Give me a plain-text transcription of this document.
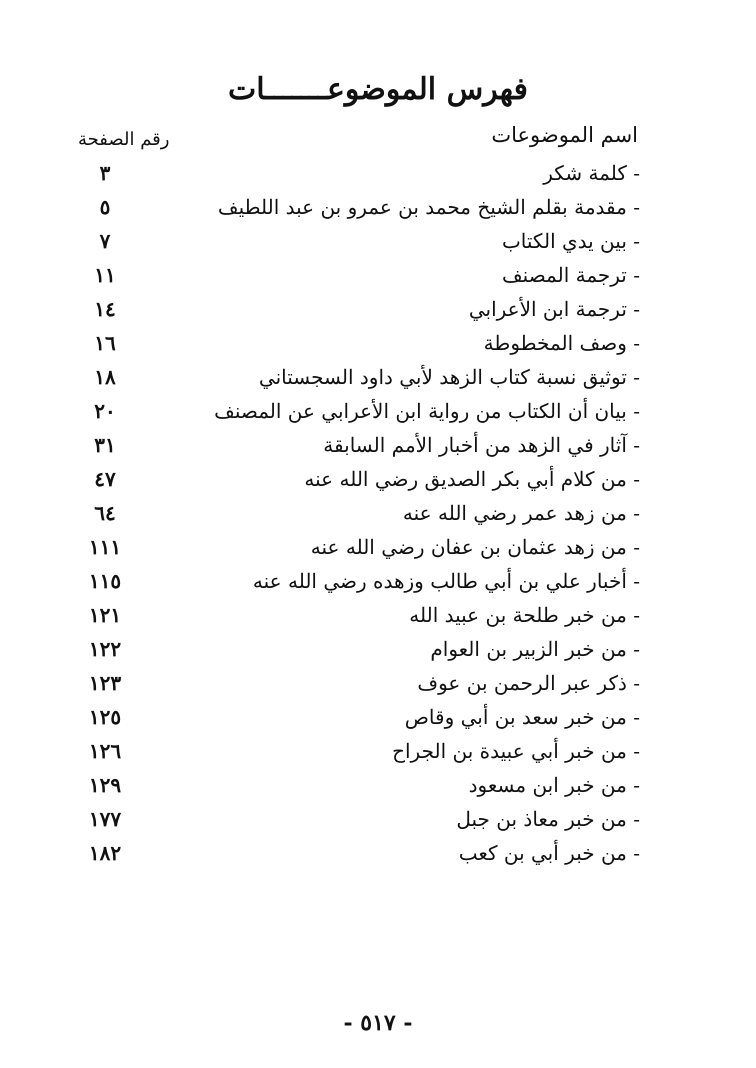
فهرس الموضوعـــــــات
اسم الموضوعات
رقم الصفحة
- كلمة شكر
٣
- مقدمة بقلم الشيخ محمد بن عمرو بن عبد اللطيف
٥
- بين يدي الكتاب
٧
- ترجمة المصنف
١١
- ترجمة ابن الأعرابي
١٤
- وصف المخطوطة
١٦
- توثيق نسبة كتاب الزهد لأبي داود السجستاني
١٨
- بيان أن الكتاب من رواية ابن الأعرابي عن المصنف
٢٠
- آثار في الزهد من أخبار الأمم السابقة
٣١
- من كلام أبي بكر الصديق رضي الله عنه
٤٧
- من زهد عمر رضي الله عنه
٦٤
- من زهد عثمان بن عفان رضي الله عنه
١١١
- أخبار علي بن أبي طالب وزهده رضي الله عنه
١١٥
- من خبر طلحة بن عبيد الله
١٢١
- من خبر الزبير بن العوام
١٢٢
- ذكر عبر الرحمن بن عوف
١٢٣
- من خبر سعد بن أبي وقاص
١٢٥
- من خبر أبي عبيدة بن الجراح
١٢٦
- من خبر ابن مسعود
١٢٩
- من خبر معاذ بن جبل
١٧٧
- من خبر أبي بن كعب
١٨٢
- ٥١٧ -
